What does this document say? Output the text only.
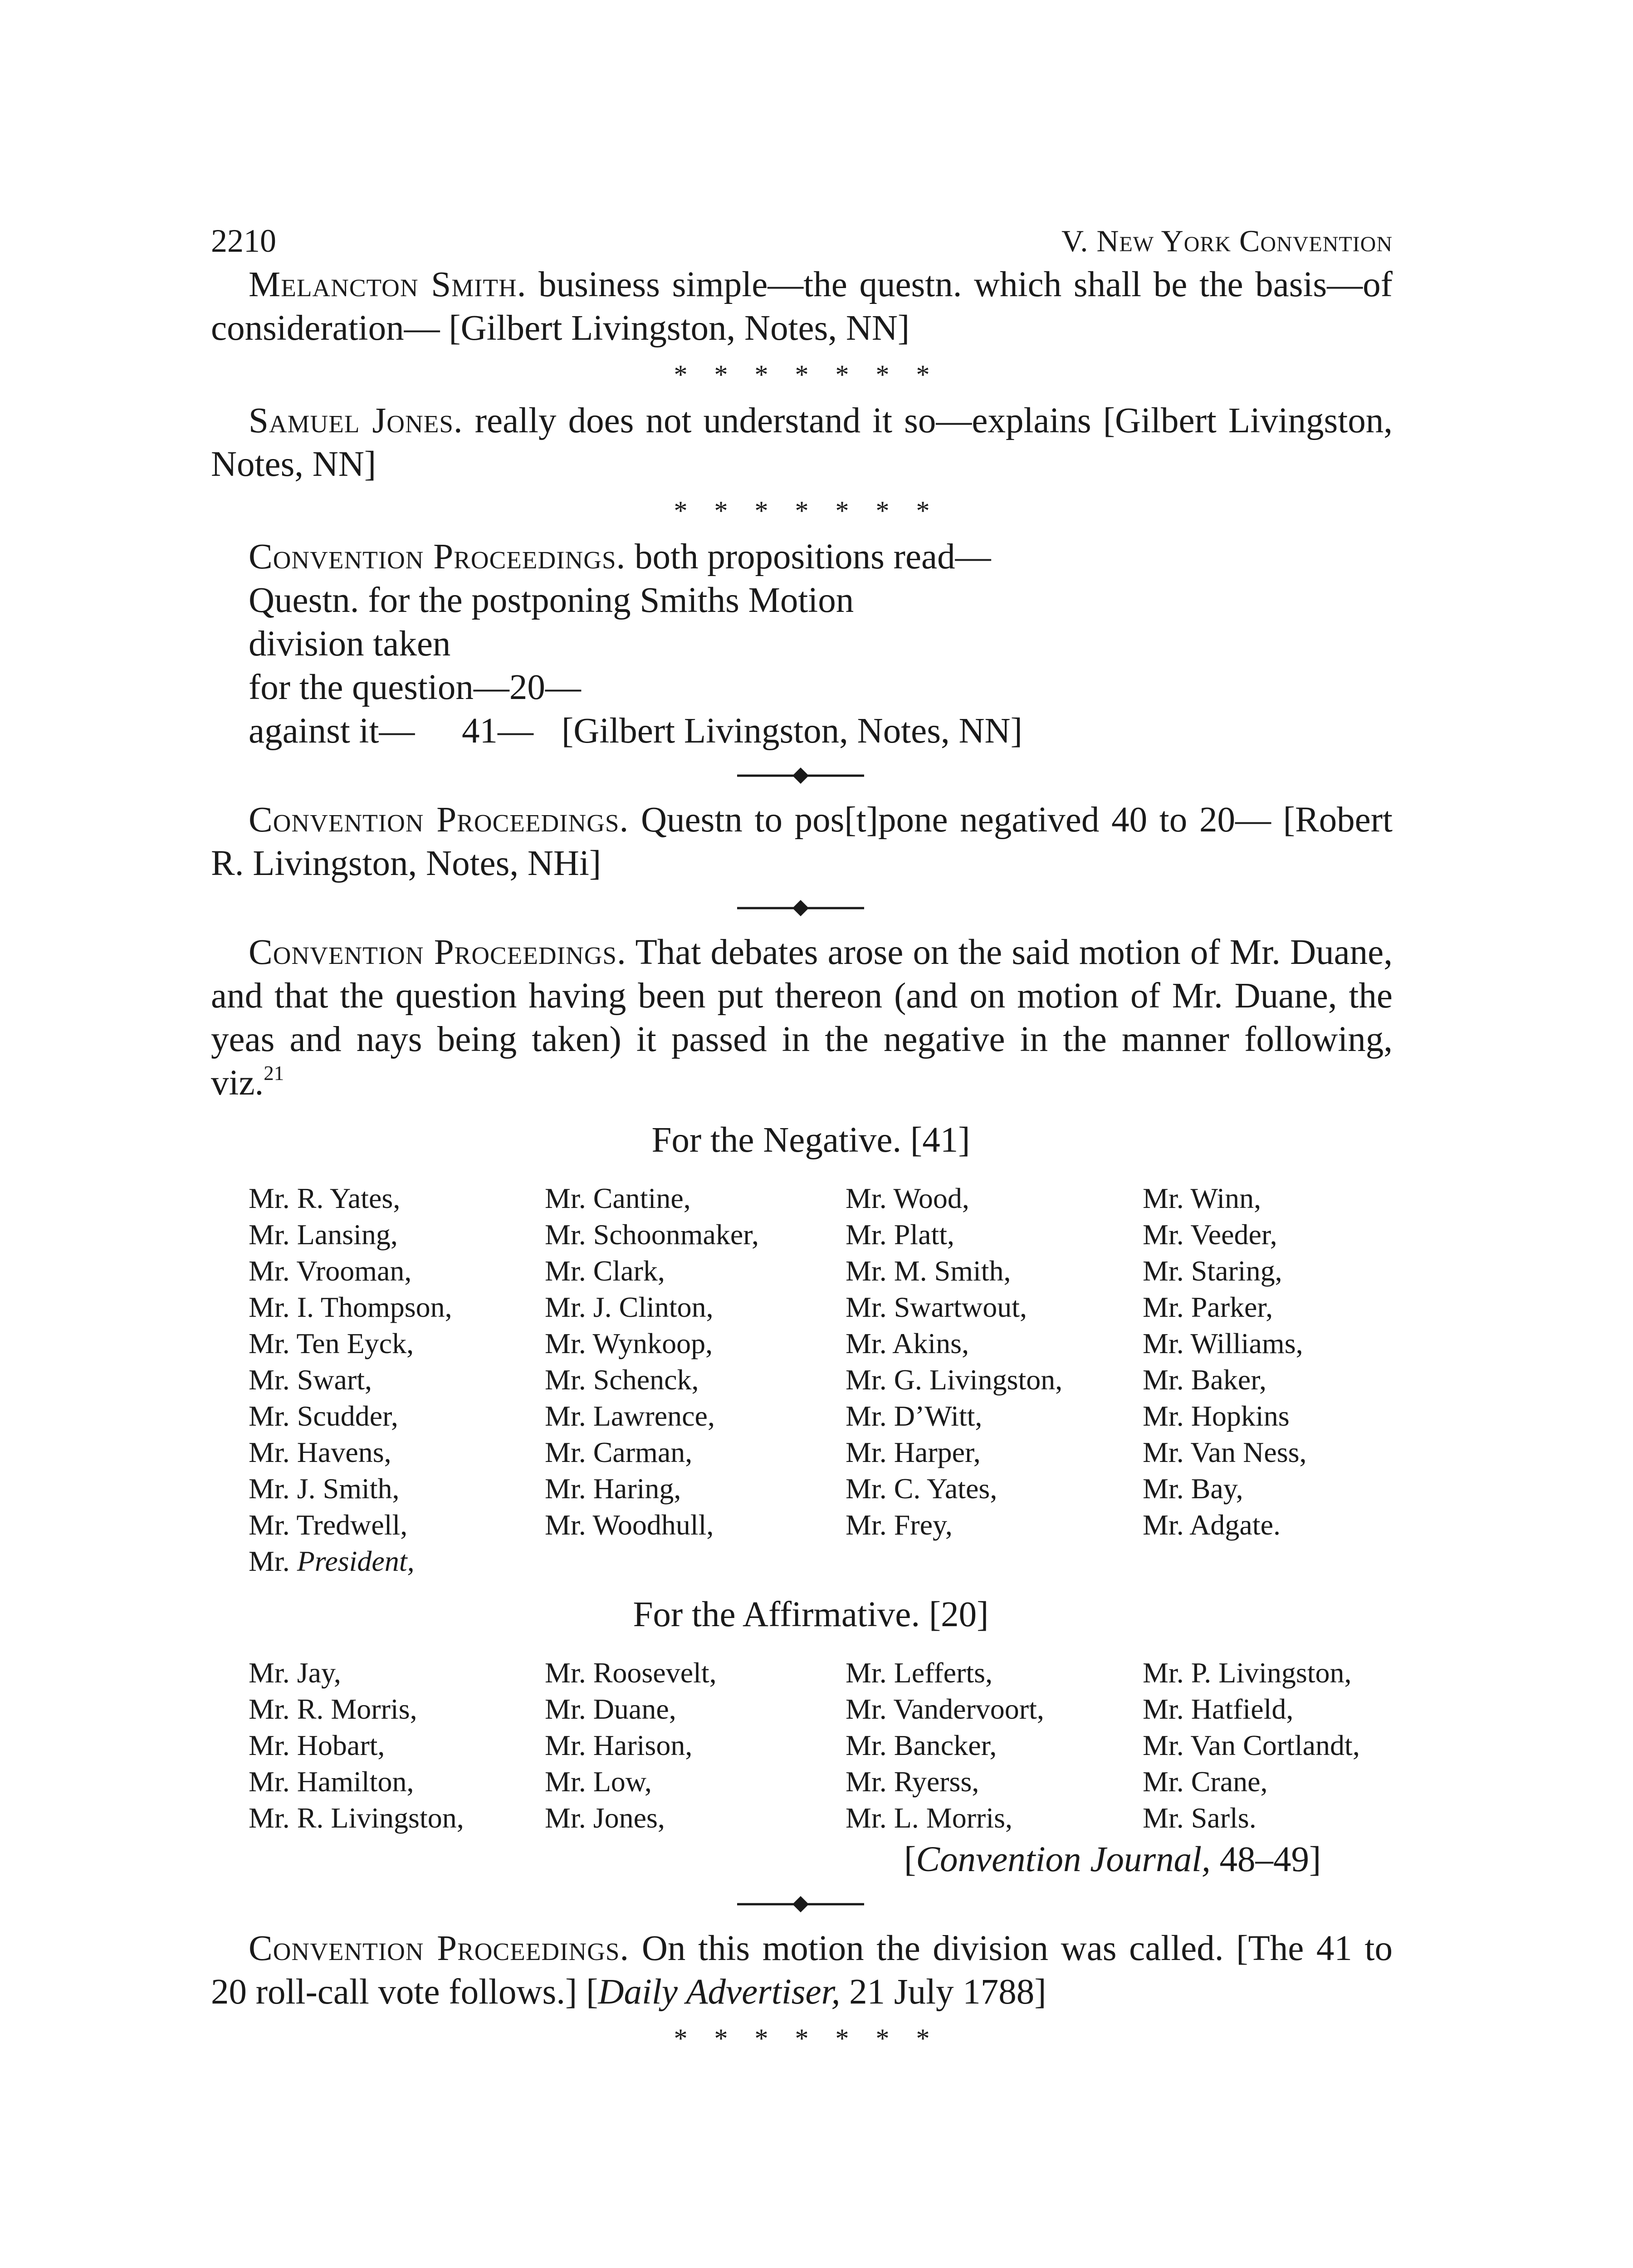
2210	V. New York Convention

Melancton Smith. business simple—the questn. which shall be the basis—of consideration— [Gilbert Livingston, Notes, NN]

* * * * * * *

Samuel Jones. really does not understand it so—explains [Gilbert Livingston, Notes, NN]

* * * * * * *
Convention Proceedings. both propositions read—
Questn. for the postponing Smiths Motion
division taken
for the question—20—
against it— 41— [Gilbert Livingston, Notes, NN]

Convention Proceedings. Questn to pos[t]pone negatived 40 to 20— [Robert R. Livingston, Notes, NHi]

Convention Proceedings. That debates arose on the said motion of Mr. Duane, and that the question having been put thereon (and on motion of Mr. Duane, the yeas and nays being taken) it passed in the negative in the manner following, viz.$^{21}$

For the Negative. [41]
Mr. R. Yates,	Mr. Cantine,	Mr. Wood,	Mr. Winn,
Mr. Lansing,	Mr. Schoonmaker,	Mr. Platt,	Mr. Veeder,
Mr. Vrooman,	Mr. Clark,	Mr. M. Smith,	Mr. Staring,
Mr. I. Thompson,	Mr. J. Clinton,	Mr. Swartwout,	Mr. Parker,
Mr. Ten Eyck,	Mr. Wynkoop,	Mr. Akins,	Mr. Williams,
Mr. Swart,	Mr. Schenck,	Mr. G. Livingston,	Mr. Baker,
Mr. Scudder,	Mr. Lawrence,	Mr. D’Witt,	Mr. Hopkins
Mr. Havens,	Mr. Carman,	Mr. Harper,	Mr. Van Ness,
Mr. J. Smith,	Mr. Haring,	Mr. C. Yates,	Mr. Bay,
Mr. Tredwell,	Mr. Woodhull,	Mr. Frey,	Mr. Adgate.
Mr. President,
For the Affirmative. [20]
Mr. Jay,	Mr. Roosevelt,	Mr. Lefferts,	Mr. P. Livingston,
Mr. R. Morris,	Mr. Duane,	Mr. Vandervoort,	Mr. Hatfield,
Mr. Hobart,	Mr. Harison,	Mr. Bancker,	Mr. Van Cortlandt,
Mr. Hamilton,	Mr. Low,	Mr. Ryerss,	Mr. Crane,
Mr. R. Livingston,	Mr. Jones,	Mr. L. Morris,	Mr. Sarls.
[Convention Journal, 48–49]

Convention Proceedings. On this motion the division was called. [The 41 to 20 roll-call vote follows.] [Daily Advertiser, 21 July 1788]

* * * * * * *
